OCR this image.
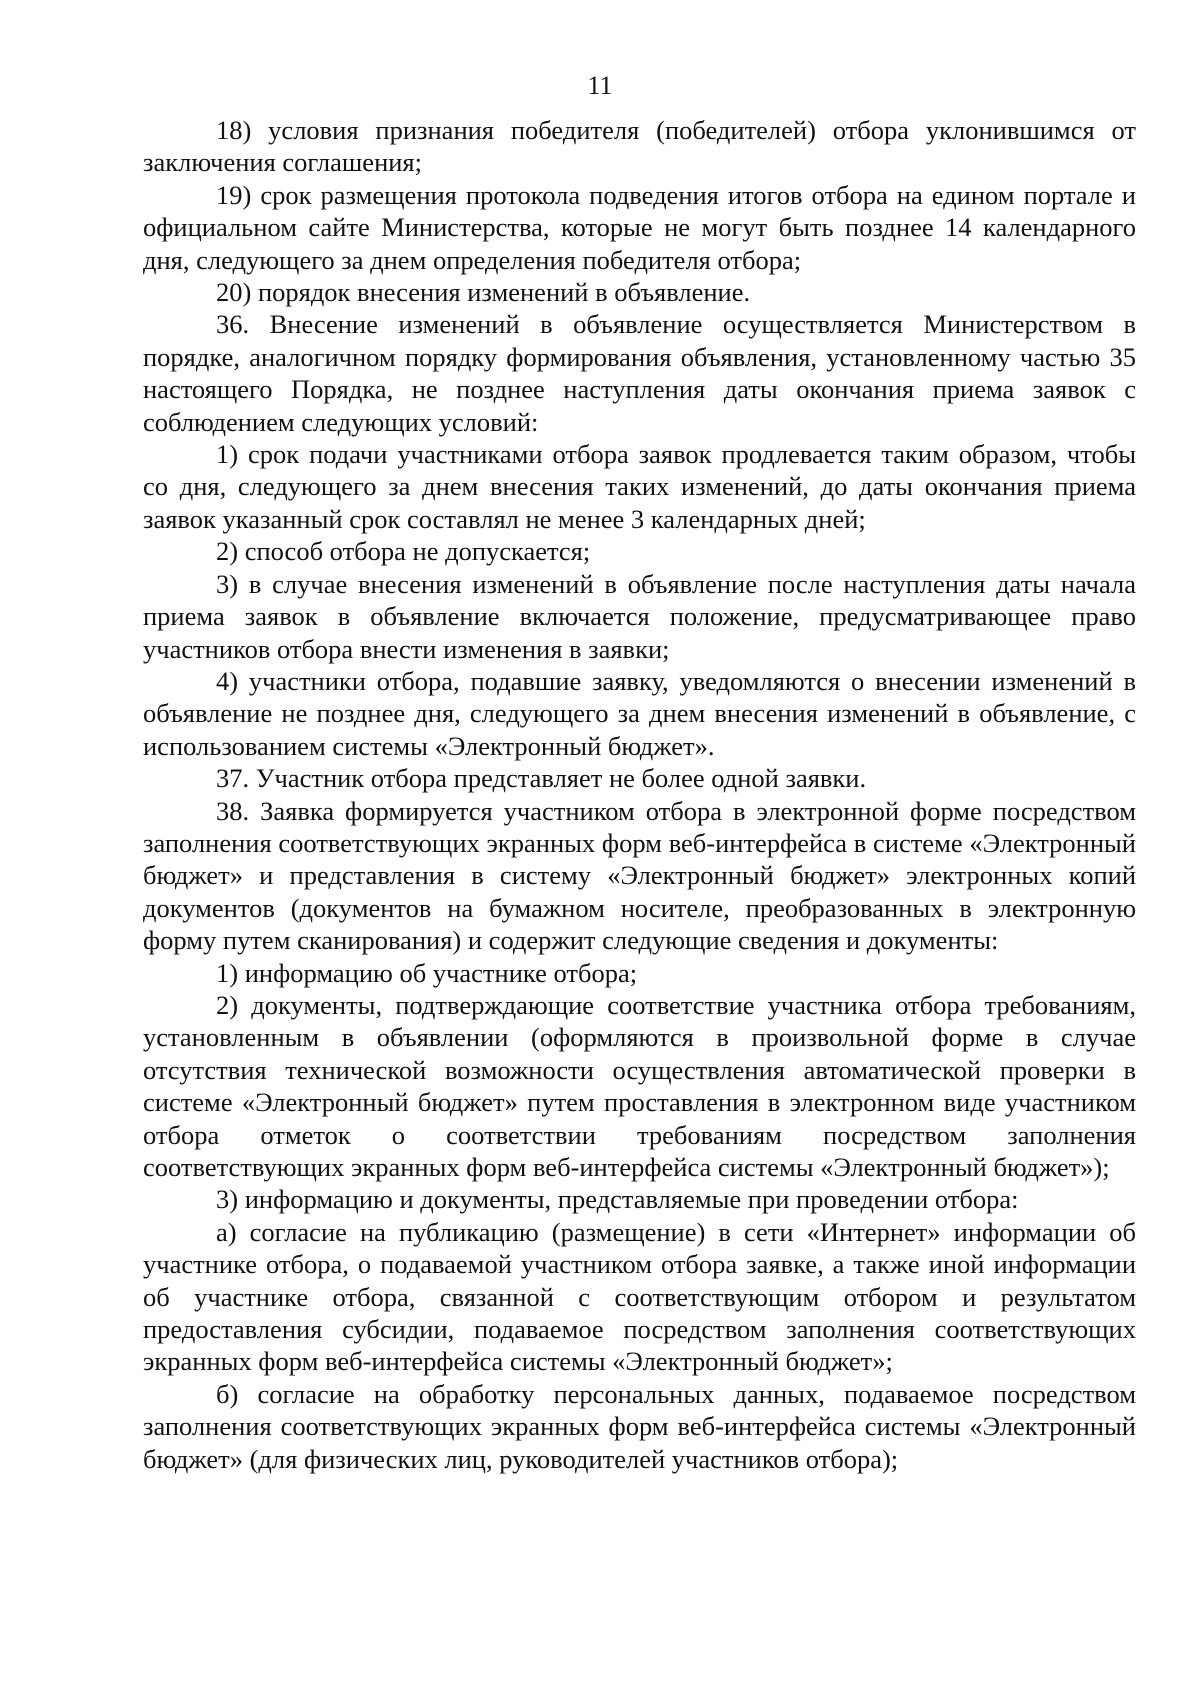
11

18) условия признания победителя (победителей) отбора уклонившимся от заключения соглашения;

19) срок размещения протокола подведения итогов отбора на едином портале и официальном сайте Министерства, которые не могут быть позднее 14 календарного дня, следующего за днем определения победителя отбора;

20) порядок внесения изменений в объявление.

36. Внесение изменений в объявление осуществляется Министерством в порядке, аналогичном порядку формирования объявления, установленному частью 35 настоящего Порядка, не позднее наступления даты окончания приема заявок с соблюдением следующих условий:

1) срок подачи участниками отбора заявок продлевается таким образом, чтобы со дня, следующего за днем внесения таких изменений, до даты окончания приема заявок указанный срок составлял не менее 3 календарных дней;

2) способ отбора не допускается;

3) в случае внесения изменений в объявление после наступления даты начала приема заявок в объявление включается положение, предусматривающее право участников отбора внести изменения в заявки;

4) участники отбора, подавшие заявку, уведомляются о внесении изменений в объявление не позднее дня, следующего за днем внесения изменений в объявление, с использованием системы «Электронный бюджет».

37. Участник отбора представляет не более одной заявки.

38. Заявка формируется участником отбора в электронной форме посредством заполнения соответствующих экранных форм веб-интерфейса в системе «Электронный бюджет» и представления в систему «Электронный бюджет» электронных копий документов (документов на бумажном носителе, преобразованных в электронную форму путем сканирования) и содержит следующие сведения и документы:

1) информацию об участнике отбора;

2) документы, подтверждающие соответствие участника отбора требованиям, установленным в объявлении (оформляются в произвольной форме в случае отсутствия технической возможности осуществления автоматической проверки в системе «Электронный бюджет» путем проставления в электронном виде участником отбора отметок о соответствии требованиям посредством заполнения соответствующих экранных форм веб-интерфейса системы «Электронный бюджет»);

3) информацию и документы, представляемые при проведении отбора:

а) согласие на публикацию (размещение) в сети «Интернет» информации об участнике отбора, о подаваемой участником отбора заявке, а также иной информации об участнике отбора, связанной с соответствующим отбором и результатом предоставления субсидии, подаваемое посредством заполнения соответствующих экранных форм веб-интерфейса системы «Электронный бюджет»;

б) согласие на обработку персональных данных, подаваемое посредством заполнения соответствующих экранных форм веб-интерфейса системы «Электронный бюджет» (для физических лиц, руководителей участников отбора);
